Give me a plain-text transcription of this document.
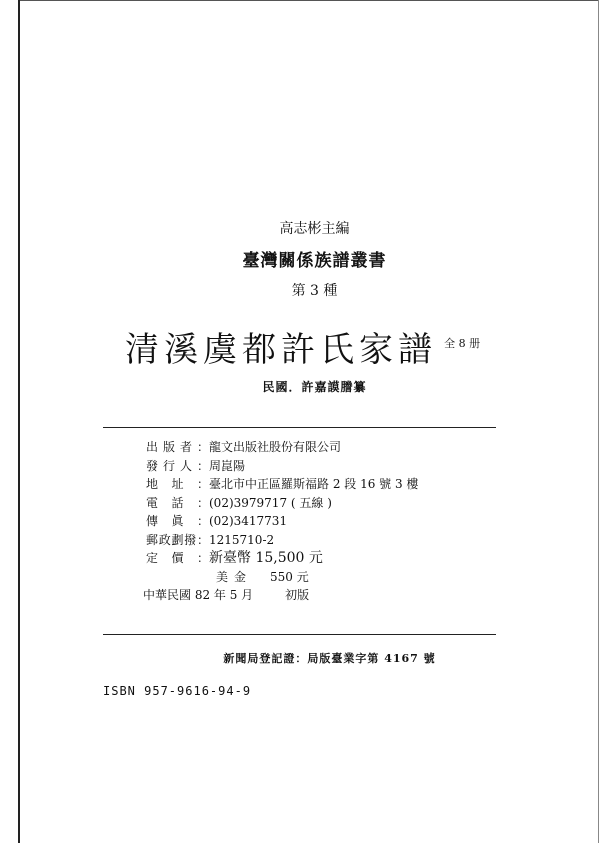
高志彬主編
臺灣關係族譜叢書
第 3 種
清溪虞都許氏家譜 $^{全 8 册}$
民國．許嘉謨謄纂
出版者：龍文出版社股份有限公司
發行人：周崑陽
地址：臺北市中正區羅斯福路 2 段 16 號 3 樓
電話：(02)3979717 ( 五線 )
傳眞：(02)3417731
郵政劃撥：1215710-2
定價：新臺幣 15,500 元
美金 550 元
中華民國 82 年 5 月	初版
新聞局登記證：局版臺業字第 4167 號
ISBN 957-9616-94-9
